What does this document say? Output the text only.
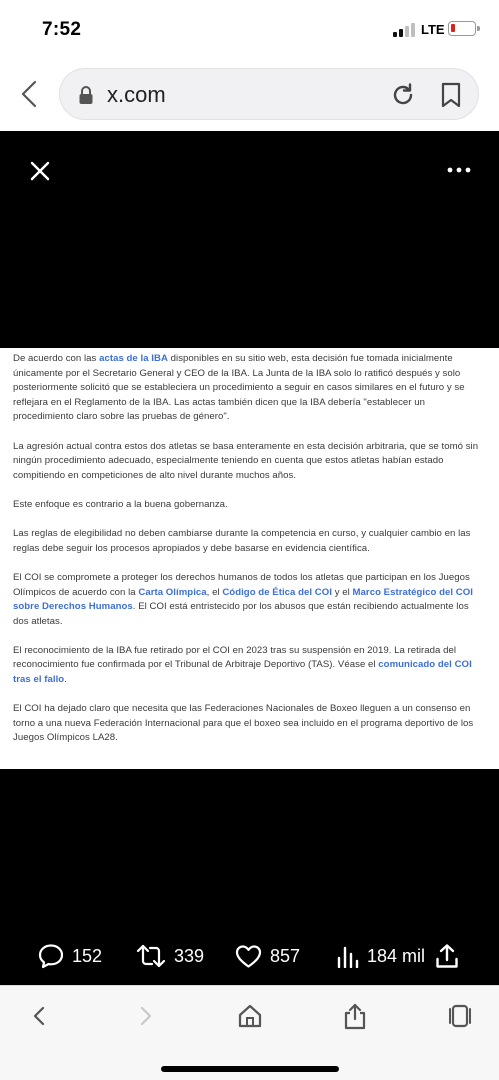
7:52	LTE
x.com

De acuerdo con las actas de la IBA disponibles en su sitio web, esta decisión fue tomada inicialmente únicamente por el Secretario General y CEO de la IBA. La Junta de la IBA solo lo ratificó después y solo posteriormente solicitó que se estableciera un procedimiento a seguir en casos similares en el futuro y se reflejara en el Reglamento de la IBA. Las actas también dicen que la IBA debería "establecer un procedimiento claro sobre las pruebas de género".

La agresión actual contra estos dos atletas se basa enteramente en esta decisión arbitraria, que se tomó sin ningún procedimiento adecuado, especialmente teniendo en cuenta que estos atletas habían estado compitiendo en competiciones de alto nivel durante muchos años.

Este enfoque es contrario a la buena gobernanza.

Las reglas de elegibilidad no deben cambiarse durante la competencia en curso, y cualquier cambio en las reglas debe seguir los procesos apropiados y debe basarse en evidencia científica.

El COI se compromete a proteger los derechos humanos de todos los atletas que participan en los Juegos Olímpicos de acuerdo con la Carta Olímpica, el Código de Ética del COI y el Marco Estratégico del COI sobre Derechos Humanos. El COI está entristecido por los abusos que están recibiendo actualmente los dos atletas.

El reconocimiento de la IBA fue retirado por el COI en 2023 tras su suspensión en 2019. La retirada del reconocimiento fue confirmada por el Tribunal de Arbitraje Deportivo (TAS). Véase el comunicado del COI tras el fallo.

El COI ha dejado claro que necesita que las Federaciones Nacionales de Boxeo lleguen a un consenso en torno a una nueva Federación Internacional para que el boxeo sea incluido en el programa deportivo de los Juegos Olímpicos LA28.

152	339	857	184 mil
